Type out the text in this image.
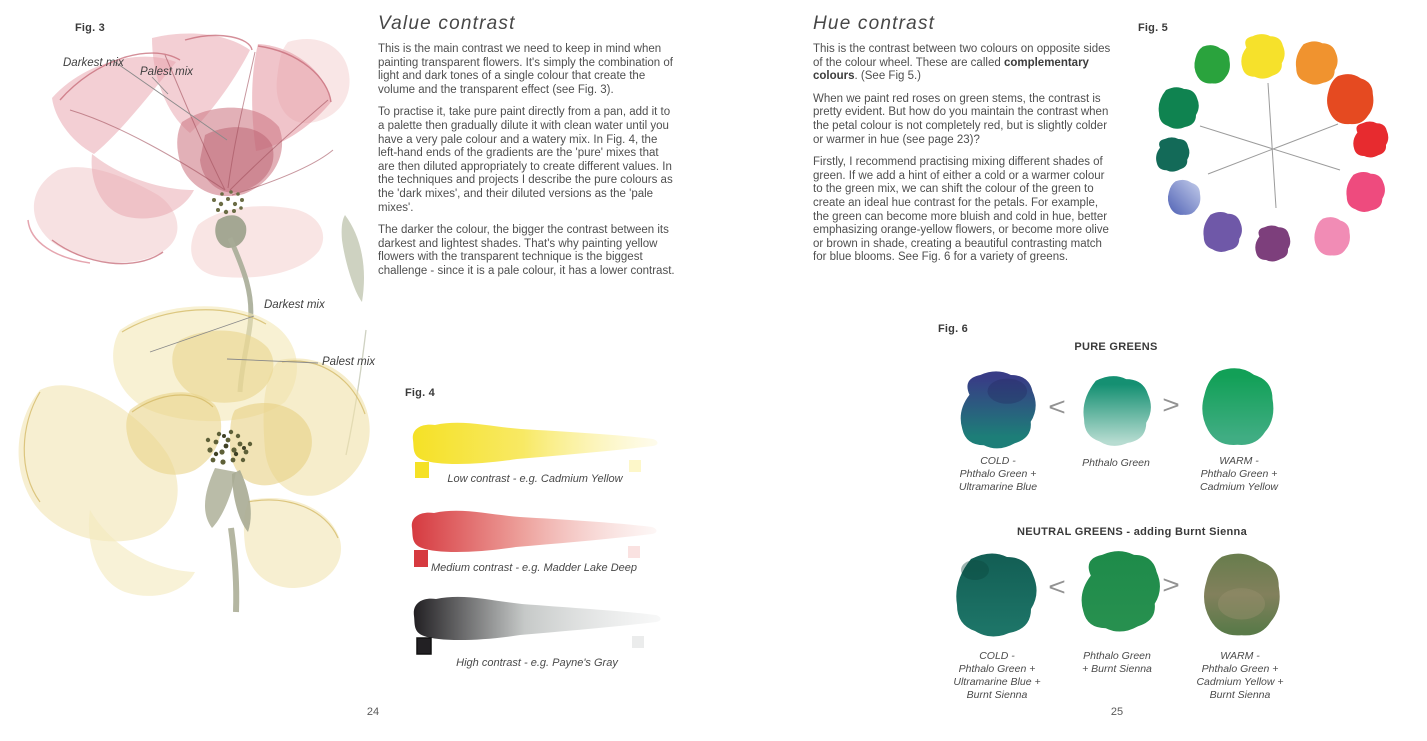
Fig. 3
Darkest mix
Palest mix
Darkest mix
Palest mix
Value contrast

This is the main contrast we need to keep in mind when painting transparent flowers. It's simply the combination of light and dark tones of a single colour that create the volume and the transparent effect (see Fig. 3).

To practise it, take pure paint directly from a pan, add it to a palette then gradually dilute it with clean water until you have a very pale colour and a watery mix. In Fig. 4, the left-hand ends of the gradients are the 'pure' mixes that are then diluted appropriately to create different values. In the techniques and projects I describe the pure colours as the 'dark mixes', and their diluted versions as the 'pale mixes'.

The darker the colour, the bigger the contrast between its darkest and lightest shades. That's why painting yellow flowers with the transparent technique is the biggest challenge - since it is a pale colour, it has a lower contrast.

Fig. 4
Low contrast - e.g. Cadmium Yellow
Medium contrast - e.g. Madder Lake Deep
High contrast - e.g. Payne's Gray
24
Hue contrast

This is the contrast between two colours on opposite sides of the colour wheel. These are called complementary colours. (See Fig 5.)

When we paint red roses on green stems, the contrast is pretty evident. But how do you maintain the contrast when the petal colour is not completely red, but is slightly colder or warmer in hue (see page 23)?

Firstly, I recommend practising mixing different shades of green. If we add a hint of either a cold or a warmer colour to the green mix, we can shift the colour of the green to create an ideal hue contrast for the petals. For example, the green can become more bluish and cold in hue, better emphasizing orange-yellow flowers, or become more olive or brown in shade, creating a beautiful contrasting match for blue blooms. See Fig. 6 for a variety of greens.

Fig. 5
Fig. 6
PURE GREENS
<	>
COLD -
Phthalo Green +
Ultramarine Blue
Phthalo Green	WARM -
Phthalo Green +
Cadmium Yellow
NEUTRAL GREENS - adding Burnt Sienna
<	>
COLD -
Phthalo Green +
Ultramarine Blue +
Burnt Sienna
Phthalo Green
+ Burnt Sienna
WARM -
Phthalo Green +
Cadmium Yellow +
Burnt Sienna
25
